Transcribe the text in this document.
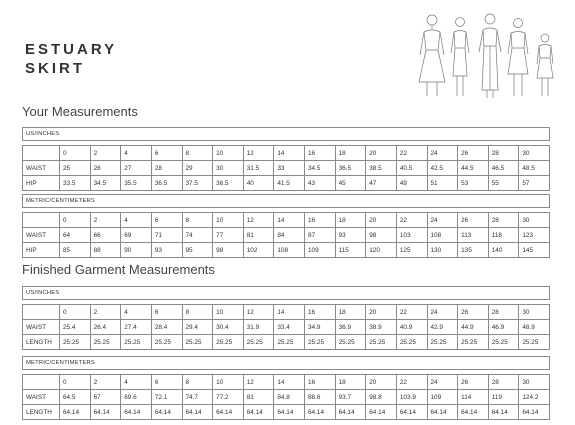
ESTUARY
SKIRT
Your Measurements
Finished Garment Measurements
US/INCHES																

	0	2	4	6	8	10	12	14	16	18	20	22	24	26	28	30
WAIST	25	26	27	28	29	30	31.5	33	34.5	36.5	38.5	40.5	42.5	44.5	46.5	48.5
HIP	33.5	34.5	35.5	36.5	37.5	38.5	40	41.5	43	45	47	49	51	53	55	57
METRIC/CENTIMETERS																

	0	2	4	6	8	10	12	14	16	18	20	22	24	26	28	30
WAIST	64	66	69	71	74	77	81	84	87	93	98	103	108	113	118	123
HIP	85	88	90	93	95	98	102	108	109	115	120	125	130	135	140	145
US/INCHES																

	0	2	4	6	8	10	12	14	16	18	20	22	24	26	28	30
WAIST	25.4	26.4	27.4	28.4	29.4	30.4	31.9	33.4	34.9	36.9	38.9	40.9	42.9	44.9	46.9	48.9
LENGTH	25.25	25.25	25.25	25.25	25.25	25.25	25.25	25.25	25.25	25.25	25.25	25.25	25.25	25.25	25.25	25.25
METRIC/CENTIMETERS																

	0	2	4	6	8	10	12	14	16	18	20	22	24	26	28	30
WAIST	64.5	67	69.6	72.1	74.7	77.2	81	84.8	88.6	93.7	98.8	103.9	109	114	119	124.2
LENGTH	64.14	64.14	64.14	64.14	64.14	64.14	64.14	64.14	64.14	64.14	64.14	64.14	64.14	64.14	64.14	64.14
